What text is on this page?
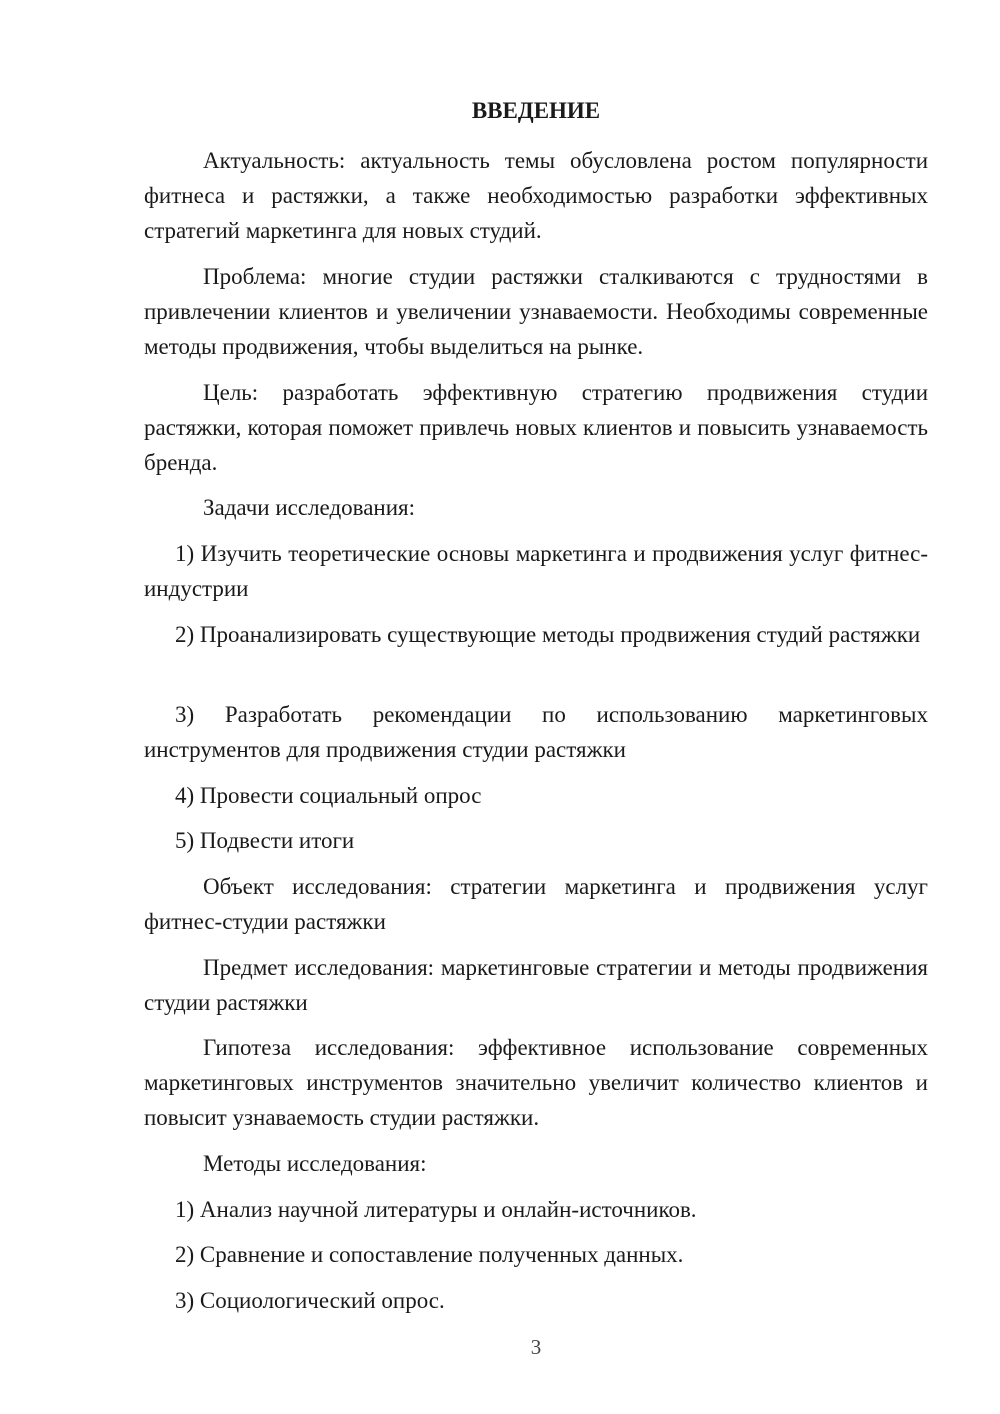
ВВЕДЕНИЕ

Актуальность: актуальность темы обусловлена ростом популярности фитнеса и растяжки, а также необходимостью разработки эффективных стратегий маркетинга для новых студий.

Проблема: многие студии растяжки сталкиваются с трудностями в привлечении клиентов и увеличении узнаваемости. Необходимы современные методы продвижения, чтобы выделиться на рынке.

Цель: разработать эффективную стратегию продвижения студии растяжки, которая поможет привлечь новых клиентов и повысить узнаваемость бренда.

Задачи исследования:

1) Изучить теоретические основы маркетинга и продвижения услуг фитнес-индустрии

2) Проанализировать существующие методы продвижения студий растяжки

3) Разработать рекомендации по использованию маркетинговых инструментов для продвижения студии растяжки

4) Провести социальный опрос

5) Подвести итоги

Объект исследования: стратегии маркетинга и продвижения услуг фитнес-студии растяжки

Предмет исследования: маркетинговые стратегии и методы продвижения студии растяжки

Гипотеза исследования: эффективное использование современных маркетинговых инструментов значительно увеличит количество клиентов и повысит узнаваемость студии растяжки.

Методы исследования:

1) Анализ научной литературы и онлайн-источников.

2) Сравнение и сопоставление полученных данных.

3) Социологический опрос.

3
